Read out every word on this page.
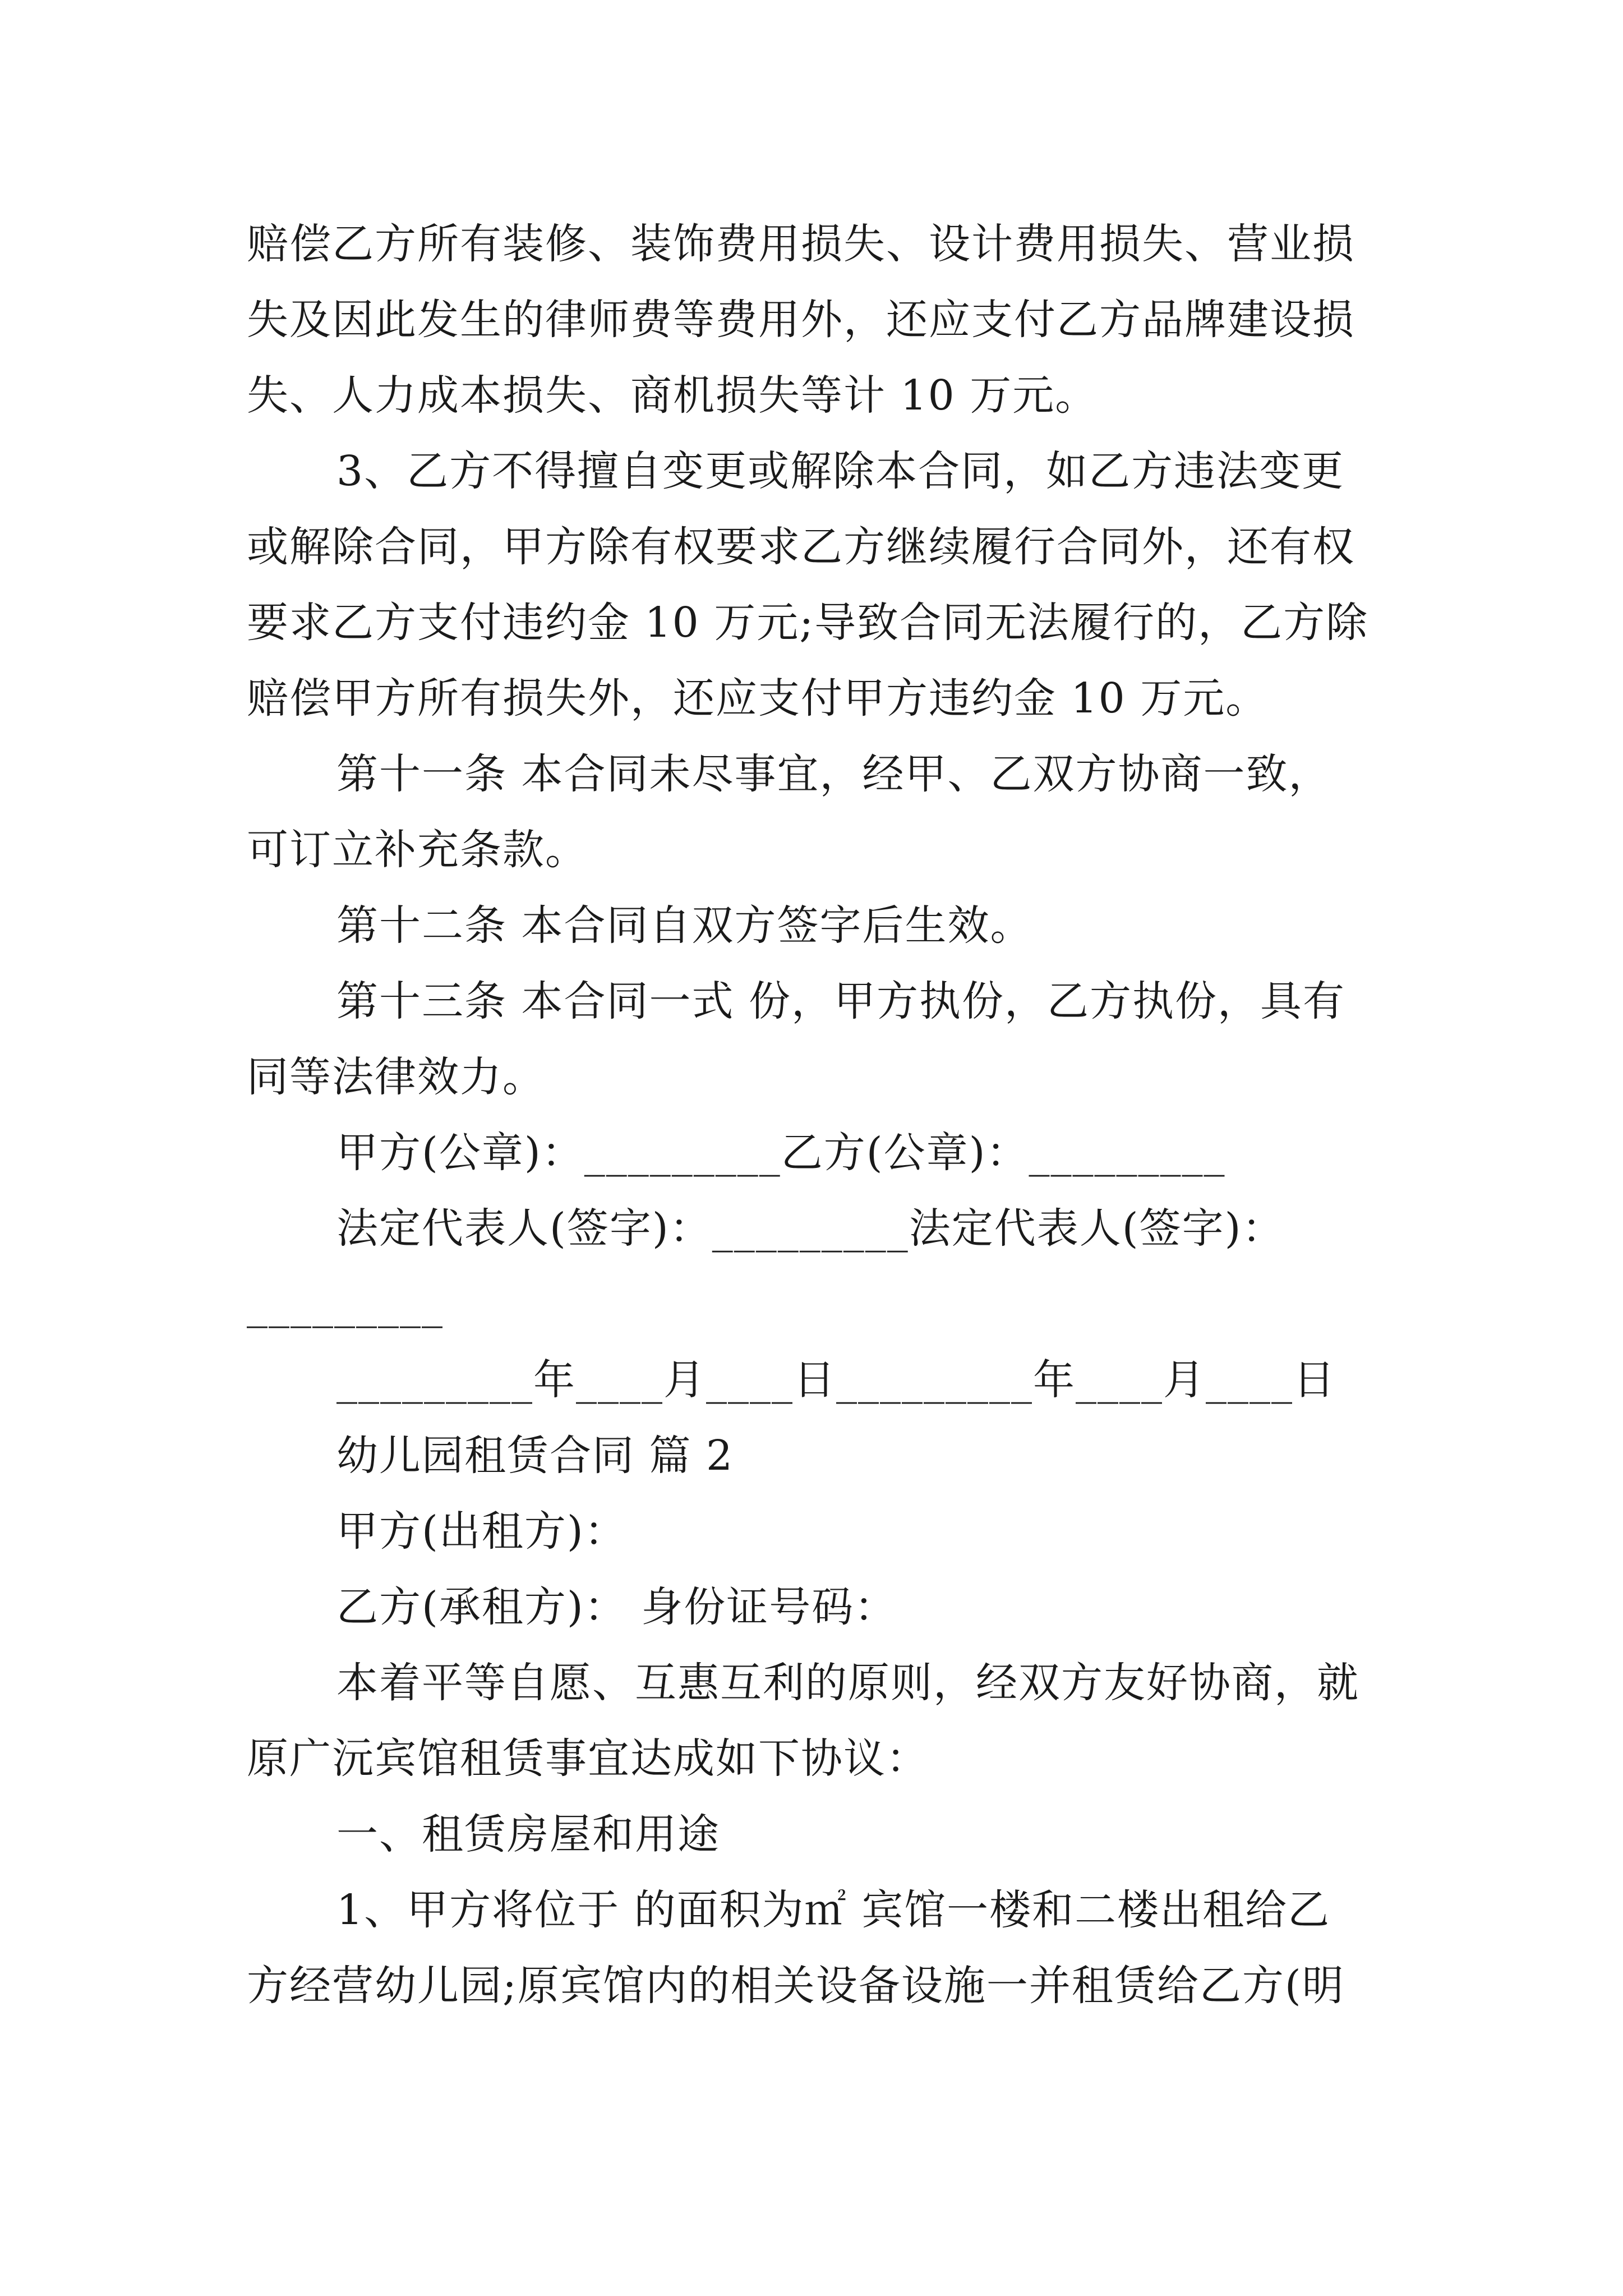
赔偿乙方所有装修、装饰费用损失、设计费用损失、营业损
失及因此发生的律师费等费用外，还应支付乙方品牌建设损
失、人力成本损失、商机损失等计 10 万元。
3、乙方不得擅自变更或解除本合同，如乙方违法变更
或解除合同，甲方除有权要求乙方继续履行合同外，还有权
要求乙方支付违约金 10 万元;导致合同无法履行的，乙方除
赔偿甲方所有损失外，还应支付甲方违约金 10 万元。
第十一条 本合同未尽事宜，经甲、乙双方协商一致，
可订立补充条款。
第十二条 本合同自双方签字后生效。
第十三条 本合同一式 份，甲方执份，乙方执份，具有
同等法律效力。
甲方(公章)：_________乙方(公章)：_________
法定代表人(签字)：_________法定代表人(签字)：
_________
_________年____月____日_________年____月____日
幼儿园租赁合同 篇 2
甲方(出租方)：
乙方(承租方)： 身份证号码：
本着平等自愿、互惠互利的原则，经双方友好协商，就
原广沅宾馆租赁事宜达成如下协议：
一、租赁房屋和用途
1、甲方将位于 的面积为㎡ 宾馆一楼和二楼出租给乙
方经营幼儿园;原宾馆内的相关设备设施一并租赁给乙方(明
